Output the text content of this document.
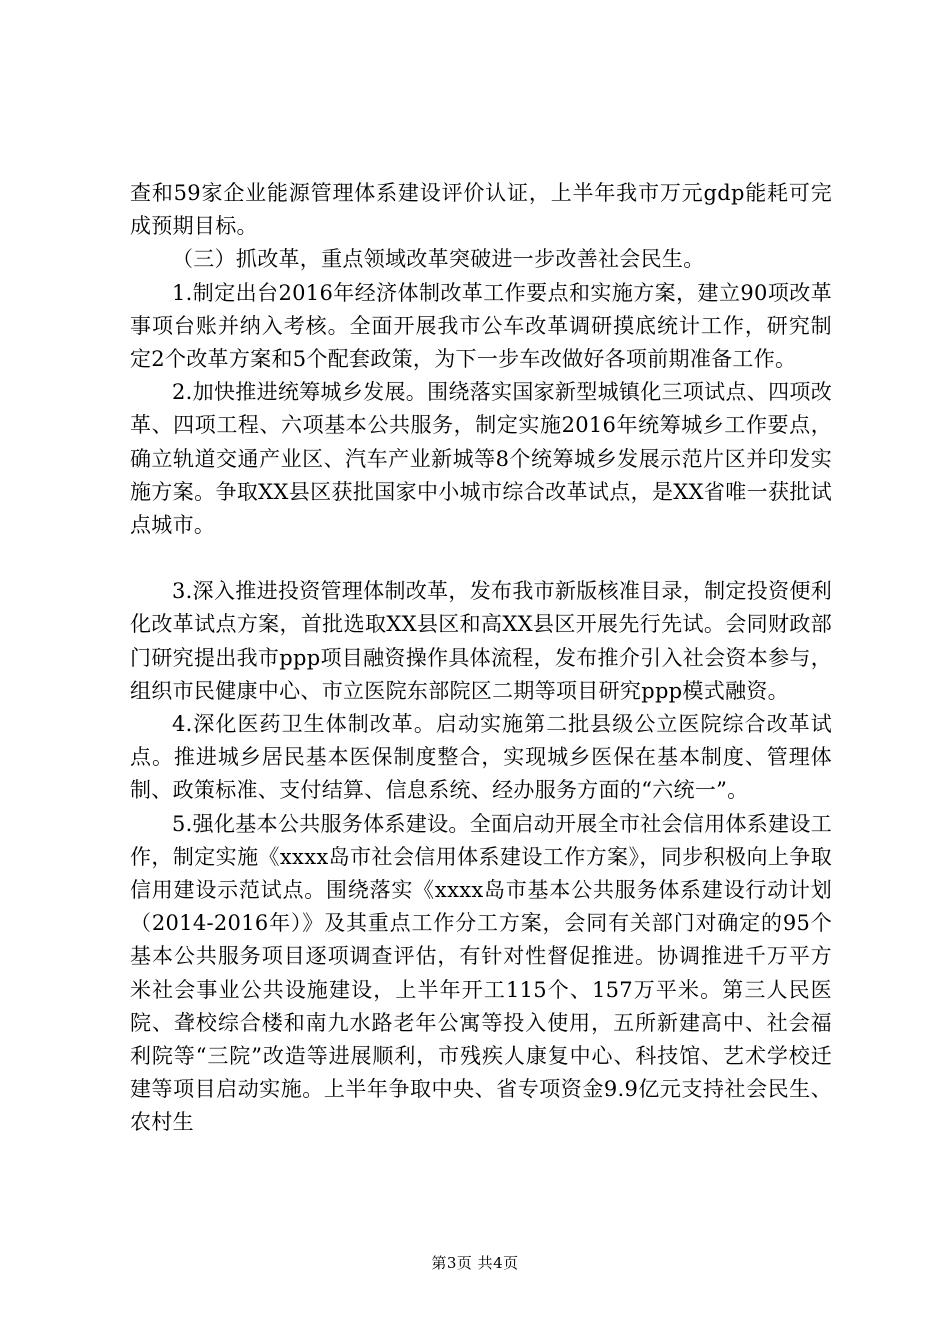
查和59家企业能源管理体系建设评价认证，上半年我市万元gdp能耗可完成预期目标。

（三）抓改革，重点领域改革突破进一步改善社会民生。

1.制定出台2016年经济体制改革工作要点和实施方案，建立90项改革事项台账并纳入考核。全面开展我市公车改革调研摸底统计工作，研究制定2个改革方案和5个配套政策，为下一步车改做好各项前期准备工作。

2.加快推进统筹城乡发展。围绕落实国家新型城镇化三项试点、四项改革、四项工程、六项基本公共服务，制定实施2016年统筹城乡工作要点，确立轨道交通产业区、汽车产业新城等8个统筹城乡发展示范片区并印发实施方案。争取XX县区获批国家中小城市综合改革试点，是XX省唯一获批试点城市。

3.深入推进投资管理体制改革，发布我市新版核准目录，制定投资便利化改革试点方案，首批选取XX县区和高XX县区开展先行先试。会同财政部门研究提出我市ppp项目融资操作具体流程，发布推介引入社会资本参与，组织市民健康中心、市立医院东部院区二期等项目研究ppp模式融资。

4.深化医药卫生体制改革。启动实施第二批县级公立医院综合改革试点。推进城乡居民基本医保制度整合，实现城乡医保在基本制度、管理体制、政策标准、支付结算、信息系统、经办服务方面的“六统一”。

5.强化基本公共服务体系建设。全面启动开展全市社会信用体系建设工作，制定实施《xxxx岛市社会信用体系建设工作方案》，同步积极向上争取信用建设示范试点。围绕落实《xxxx岛市基本公共服务体系建设行动计划（2014-2016年）》及其重点工作分工方案，会同有关部门对确定的95个基本公共服务项目逐项调查评估，有针对性督促推进。协调推进千万平方米社会事业公共设施建设，上半年开工115个、157万平米。第三人民医院、聋校综合楼和南九水路老年公寓等投入使用，五所新建高中、社会福利院等“三院”改造等进展顺利，市残疾人康复中心、科技馆、艺术学校迁建等项目启动实施。上半年争取中央、省专项资金9.9亿元支持社会民生、农村生

第3页 共4页
